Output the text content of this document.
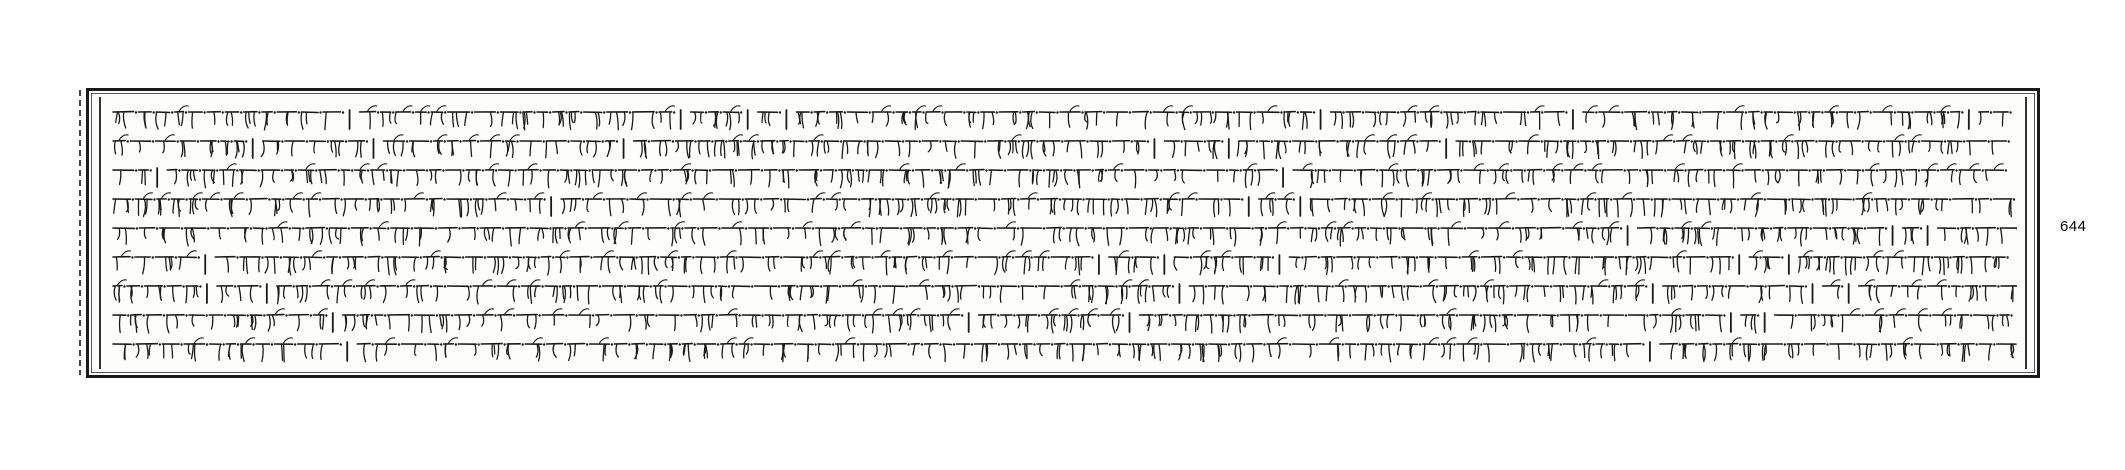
644
